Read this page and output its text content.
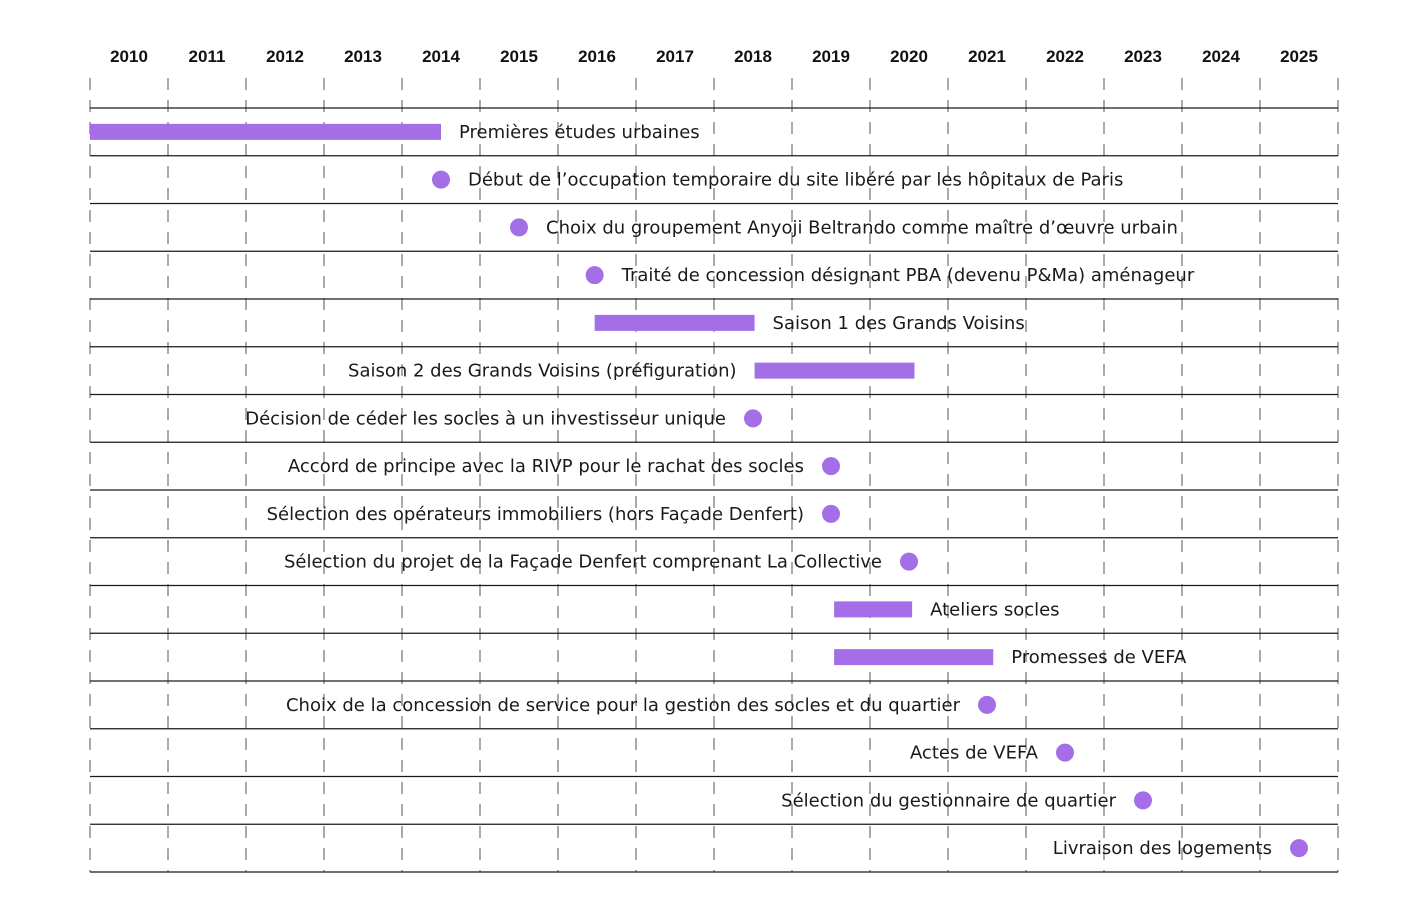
2010 2011 2012 2013 2014 2015 2016 2017 2018 2019 2020 2021 2022 2023 2024 2025
Premières études urbaines
Début de l’occupation temporaire du site libéré par les hôpitaux de Paris
Choix du groupement Anyoji Beltrando comme maître d’œuvre urbain
Traité de concession désignant PBA (devenu P&Ma) aménageur
Saison 1 des Grands Voisins
Saison 2 des Grands Voisins (préfiguration)
Décision de céder les socles à un investisseur unique
Accord de principe avec la RIVP pour le rachat des socles
Sélection des opérateurs immobiliers (hors Façade Denfert)
Sélection du projet de la Façade Denfert comprenant La Collective
Ateliers socles
Promesses de VEFA
Choix de la concession de service pour la gestion des socles et du quartier
Actes de VEFA
Sélection du gestionnaire de quartier
Livraison des logements
